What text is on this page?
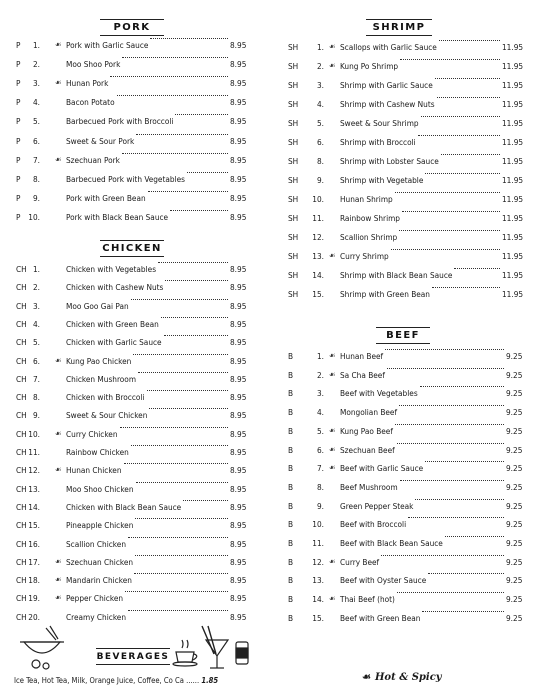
PORK
P	1. ☙ Pork with Garlic Sauce	8.95
P	2.	Moo Shoo Pork	8.95
P	3. ☙ Hunan Pork	8.95
P	4.	Bacon Potato	8.95
P	5.	Barbecued Pork with Broccoli	8.95
P	6.	Sweet & Sour Pork	8.95
P	7. ☙ Szechuan Pork	8.95
P	8.	Barbecued Pork with Vegetables	8.95
P	9.	Pork with Green Bean	8.95
P 10.	Pork with Black Bean Sauce	8.95
CHICKEN
CH 1.	Chicken with Vegetables	8.95
CH 2.	Chicken with Cashew Nuts	8.95
CH 3.	Moo Goo Gai Pan	8.95
CH 4.	Chicken with Green Bean	8.95
CH 5.	Chicken with Garlic Sauce	8.95
CH 6. ☙ Kung Pao Chicken	8.95
CH 7.	Chicken Mushroom	8.95
CH 8.	Chicken with Broccoli	8.95
CH 9.	Sweet & Sour Chicken	8.95
CH 10. ☙ Curry Chicken	8.95
CH 11.	Rainbow Chicken	8.95
CH 12. ☙ Hunan Chicken	8.95
CH 13.	Moo Shoo Chicken	8.95
CH 14.	Chicken with Black Bean Sauce	8.95
CH 15.	Pineapple Chicken	8.95
CH 16.	Scallion Chicken	8.95
CH 17. ☙ Szechuan Chicken	8.95
CH 18. ☙ Mandarin Chicken	8.95
CH 19. ☙ Pepper Chicken	8.95
CH 20.	Creamy Chicken	8.95
BEVERAGES
Ice Tea, Hot Tea, Milk, Orange Juice, Coffee, Co Ca ...... 1.85
SHRIMP
SH	1. ☙ Scallops with Garlic Sauce	11.95
SH	2. ☙ Kung Po Shrimp	11.95
SH	3. Shrimp with Garlic Sauce	11.95
SH	4. Shrimp with Cashew Nuts	11.95
SH	5. Sweet & Sour Shrimp	11.95
SH	6. Shrimp with Broccoli	11.95
SH	8. Shrimp with Lobster Sauce	11.95
SH	9. Shrimp with Vegetable	11.95
SH	10. Hunan Shrimp	11.95
SH	11. Rainbow Shrimp	11.95
SH	12. Scallion Shrimp	11.95
SH	13. ☙ Curry Shrimp	11.95
SH	14. Shrimp with Black Bean Sauce	11.95
SH	15. Shrimp with Green Bean	11.95
BEEF
B	1. ☙ Hunan Beef	9.25
B	2. ☙ Sa Cha Beef	9.25
B	3. Beef with Vegetables	9.25
B	4. Mongolian Beef	9.25
B	5. ☙ Kung Pao Beef	9.25
B	6. ☙ Szechuan Beef	9.25
B	7. ☙ Beef with Garlic Sauce	9.25
B	8. Beef Mushroom	9.25
B	9. Green Pepper Steak	9.25
B	10. Beef with Broccoli	9.25
B	11. Beef with Black Bean Sauce	9.25
B	12. ☙ Curry Beef	9.25
B	13. Beef with Oyster Sauce	9.25
B	14. ☙ Thai Beef (hot)	9.25
B	15. Beef with Green Bean	9.25
☙ Hot & Spicy
